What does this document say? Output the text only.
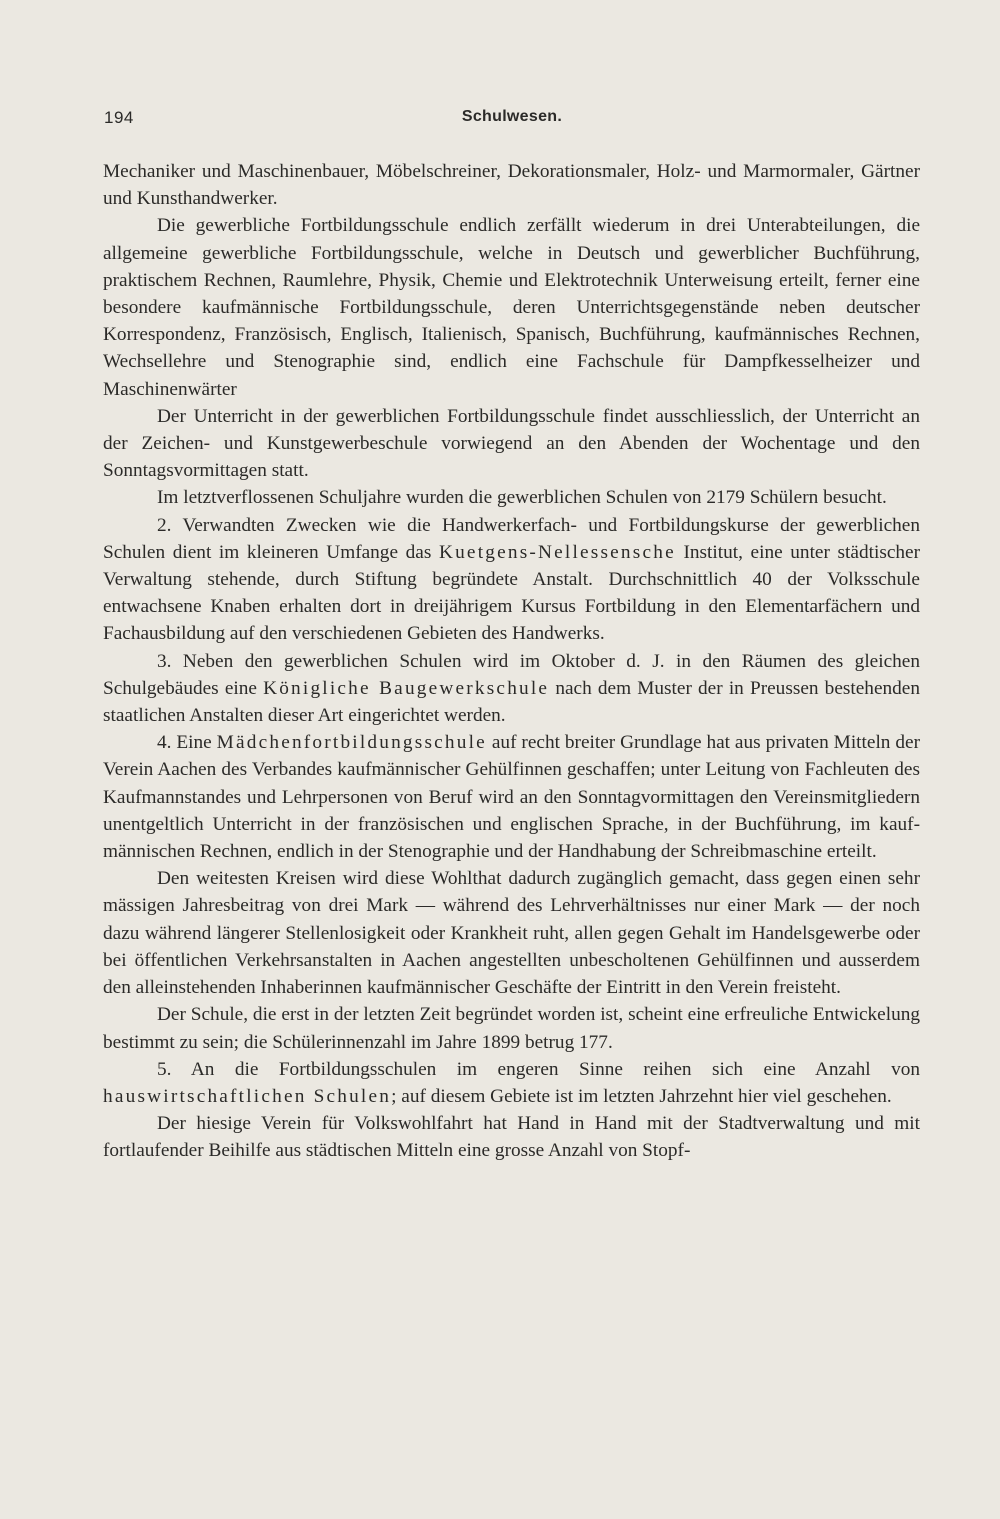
194	Schulwesen.

Mechaniker und Maschinenbauer, Möbelschreiner, Dekorationsmaler, Holz- und Marmormaler, Gärtner und Kunsthandwerker.

Die gewerbliche Fortbildungsschule endlich zerfällt wiederum in drei Unterabteilungen, die allgemeine gewerbliche Fortbildungsschule, welche in Deutsch und gewerblicher Buchführung, praktischem Rechnen, Raumlehre, Physik, Chemie und Elektrotechnik Unterweisung erteilt, ferner eine besondere kaufmännische Fortbildungsschule, deren Unterrichtsgegenstände neben deutscher Korrespondenz, Französisch, Englisch, Italienisch, Spanisch, Buchführung, kaufmännisches Rechnen, Wechsellehre und Stenographie sind, endlich eine Fachschule für Dampfkesselheizer und Maschinenwärter

Der Unterricht in der gewerblichen Fortbildungsschule findet ausschliesslich, der Unterricht an der Zeichen- und Kunstgewerbeschule vorwiegend an den Abenden der Wochentage und den Sonntagsvormittagen statt.

Im letztverflossenen Schuljahre wurden die gewerblichen Schulen von 2179 Schülern besucht.

2. Verwandten Zwecken wie die Handwerkerfach- und Fortbildungskurse der gewerblichen Schulen dient im kleineren Umfange das Kuetgens-Nellessensche Institut, eine unter städtischer Verwaltung stehende, durch Stiftung begründete Anstalt. Durchschnittlich 40 der Volksschule entwachsene Knaben erhalten dort in dreijährigem Kursus Fortbildung in den Elementarfächern und Fachausbildung auf den verschiedenen Gebieten des Handwerks.

3. Neben den gewerblichen Schulen wird im Oktober d. J. in den Räumen des gleichen Schulgebäudes eine Königliche Baugewerkschule nach dem Muster der in Preussen bestehenden staatlichen Anstalten dieser Art eingerichtet werden.

4. Eine Mädchenfortbildungsschule auf recht breiter Grundlage hat aus privaten Mitteln der Verein Aachen des Verbandes kaufmännischer Gehülfinnen geschaffen; unter Leitung von Fachleuten des Kaufmannstandes und Lehrpersonen von Beruf wird an den Sonntagvormittagen den Vereinsmitgliedern unentgeltlich Unterricht in der französischen und englischen Sprache, in der Buchführung, im kaufmännischen Rechnen, endlich in der Stenographie und der Handhabung der Schreibmaschine erteilt.

Den weitesten Kreisen wird diese Wohlthat dadurch zugänglich gemacht, dass gegen einen sehr mässigen Jahresbeitrag von drei Mark — während des Lehrverhältnisses nur einer Mark — der noch dazu während längerer Stellenlosigkeit oder Krankheit ruht, allen gegen Gehalt im Handelsgewerbe oder bei öffentlichen Verkehrsanstalten in Aachen angestellten unbescholtenen Gehülfinnen und ausserdem den alleinstehenden Inhaberinnen kaufmännischer Geschäfte der Eintritt in den Verein freisteht.

Der Schule, die erst in der letzten Zeit begründet worden ist, scheint eine erfreuliche Entwickelung bestimmt zu sein; die Schülerinnenzahl im Jahre 1899 betrug 177.

5. An die Fortbildungsschulen im engeren Sinne reihen sich eine Anzahl von hauswirtschaftlichen Schulen; auf diesem Gebiete ist im letzten Jahrzehnt hier viel geschehen.

Der hiesige Verein für Volkswohlfahrt hat Hand in Hand mit der Stadtverwaltung und mit fortlaufender Beihilfe aus städtischen Mitteln eine grosse Anzahl von Stopf-
